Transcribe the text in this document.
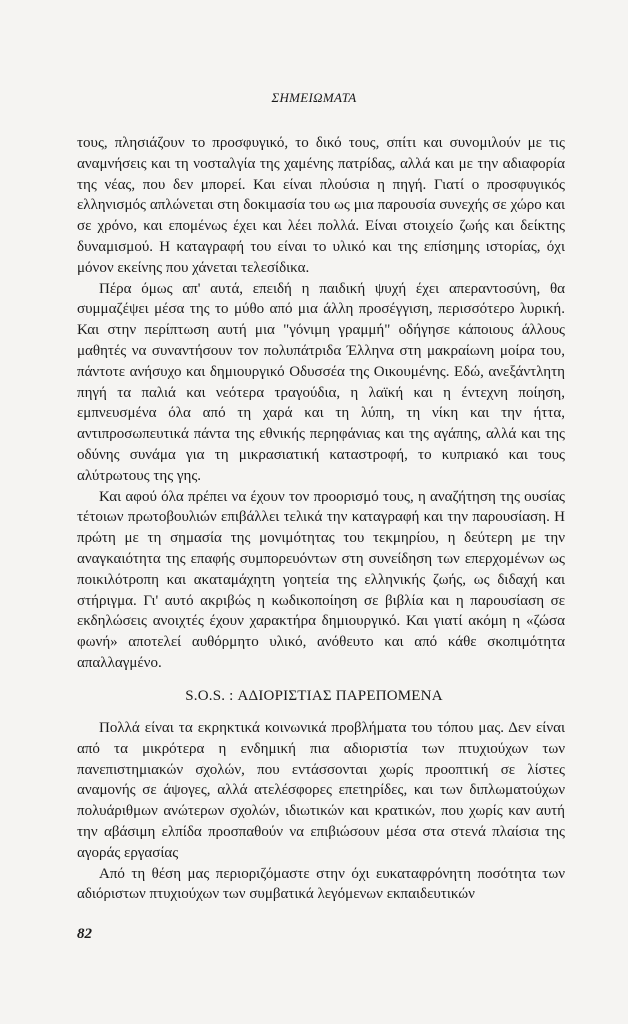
ΣΗΜΕΙΩΜΑΤΑ

τους, πλησιάζουν το προσφυγικό, το δικό τους, σπίτι και συνομιλούν με τις αναμνήσεις και τη νοσταλγία της χαμένης πατρίδας, αλλά και με την αδιαφορία της νέας, που δεν μπορεί. Και είναι πλούσια η πηγή. Γιατί ο προσφυγικός ελληνισμός απλώνεται στη δοκιμασία του ως μια παρουσία συνεχής σε χώρο και σε χρόνο, και επομένως έχει και λέει πολλά. Είναι στοιχείο ζωής και δείκτης δυναμισμού. Η καταγραφή του είναι το υλικό και της επίσημης ιστορίας, όχι μόνον εκείνης που χάνεται τελεσίδικα.

Πέρα όμως απ' αυτά, επειδή η παιδική ψυχή έχει απεραντοσύνη, θα συμμαζέψει μέσα της το μύθο από μια άλλη προσέγγιση, περισσότερο λυρική. Και στην περίπτωση αυτή μια "γόνιμη γραμμή" οδήγησε κάποιους άλλους μαθητές να συναντήσουν τον πολυπάτριδα Έλληνα στη μακραίωνη μοίρα του, πάντοτε ανήσυχο και δημιουργικό Οδυσσέα της Οικουμένης. Εδώ, ανεξάντλητη πηγή τα παλιά και νεότερα τραγούδια, η λαϊκή και η έντεχνη ποίηση, εμπνευσμένα όλα από τη χαρά και τη λύπη, τη νίκη και την ήττα, αντιπροσωπευτικά πάντα της εθνικής περηφάνιας και της αγάπης, αλλά και της οδύνης συνάμα για τη μικρασιατική καταστροφή, το κυπριακό και τους αλύτρωτους της γης.

Και αφού όλα πρέπει να έχουν τον προορισμό τους, η αναζήτηση της ουσίας τέτοιων πρωτοβουλιών επιβάλλει τελικά την καταγραφή και την παρουσίαση. Η πρώτη με τη σημασία της μονιμότητας του τεκμηρίου, η δεύτερη με την αναγκαιότητα της επαφής συμπορευόντων στη συνείδηση των επερχομένων ως ποικιλότροπη και ακαταμάχητη γοητεία της ελληνικής ζωής, ως διδαχή και στήριγμα. Γι' αυτό ακριβώς η κωδικοποίηση σε βιβλία και η παρουσίαση σε εκδηλώσεις ανοιχτές έχουν χαρακτήρα δημιουργικό. Και γιατί ακόμη η «ζώσα φωνή» αποτελεί αυθόρμητο υλικό, ανόθευτο και από κάθε σκοπιμότητα απαλλαγμένο.

S.O.S. : ΑΔΙΟΡΙΣΤΙΑΣ ΠΑΡΕΠΟΜΕΝΑ

Πολλά είναι τα εκρηκτικά κοινωνικά προβλήματα του τόπου μας. Δεν είναι από τα μικρότερα η ενδημική πια αδιοριστία των πτυχιούχων των πανεπιστημιακών σχολών, που εντάσσονται χωρίς προοπτική σε λίστες αναμονής σε άψογες, αλλά ατελέσφορες επετηρίδες, και των διπλωματούχων πολυάριθμων ανώτερων σχολών, ιδιωτικών και κρατικών, που χωρίς καν αυτή την αβάσιμη ελπίδα προσπαθούν να επιβιώσουν μέσα στα στενά πλαίσια της αγοράς εργασίας

Από τη θέση μας περιοριζόμαστε στην όχι ευκαταφρόνητη ποσότητα των αδιόριστων πτυχιούχων των συμβατικά λεγόμενων εκπαιδευτικών

82
